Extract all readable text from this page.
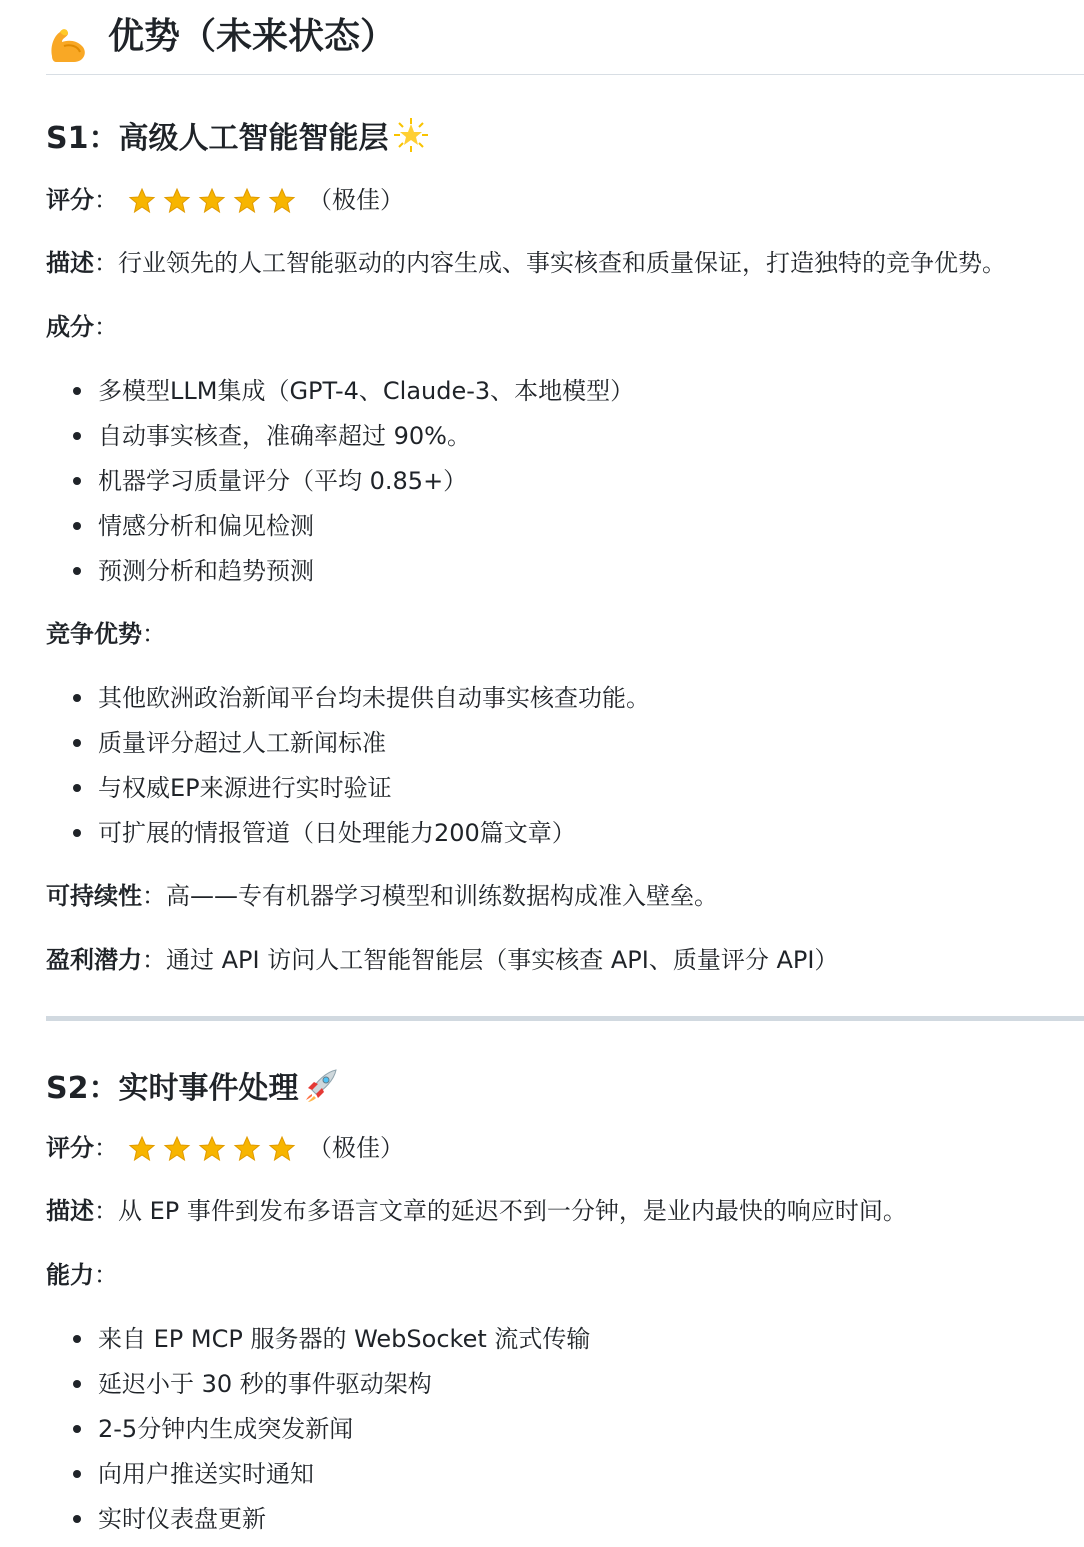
优势（未来状态）
S1：高级人工智能智能层

评分：	（极佳）

描述：行业领先的人工智能驱动的内容生成、事实核查和质量保证，打造独特的竞争优势。

成分：

多模型LLM集成（GPT-4、Claude-3、本地模型）
自动事实核查，准确率超过 90%。
机器学习质量评分（平均 0.85+）
情感分析和偏见检测
预测分析和趋势预测

竞争优势：

其他欧洲政治新闻平台均未提供自动事实核查功能。
质量评分超过人工新闻标准
与权威EP来源进行实时验证
可扩展的情报管道（日处理能力200篇文章）

可持续性：高——专有机器学习模型和训练数据构成准入壁垒。

盈利潜力：通过 API 访问人工智能智能层（事实核查 API、质量评分 API）

S2：实时事件处理

评分：	（极佳）

描述：从 EP 事件到发布多语言文章的延迟不到一分钟，是业内最快的响应时间。

能力：

来自 EP MCP 服务器的 WebSocket 流式传输
延迟小于 30 秒的事件驱动架构
2-5分钟内生成突发新闻
向用户推送实时通知
实时仪表盘更新
